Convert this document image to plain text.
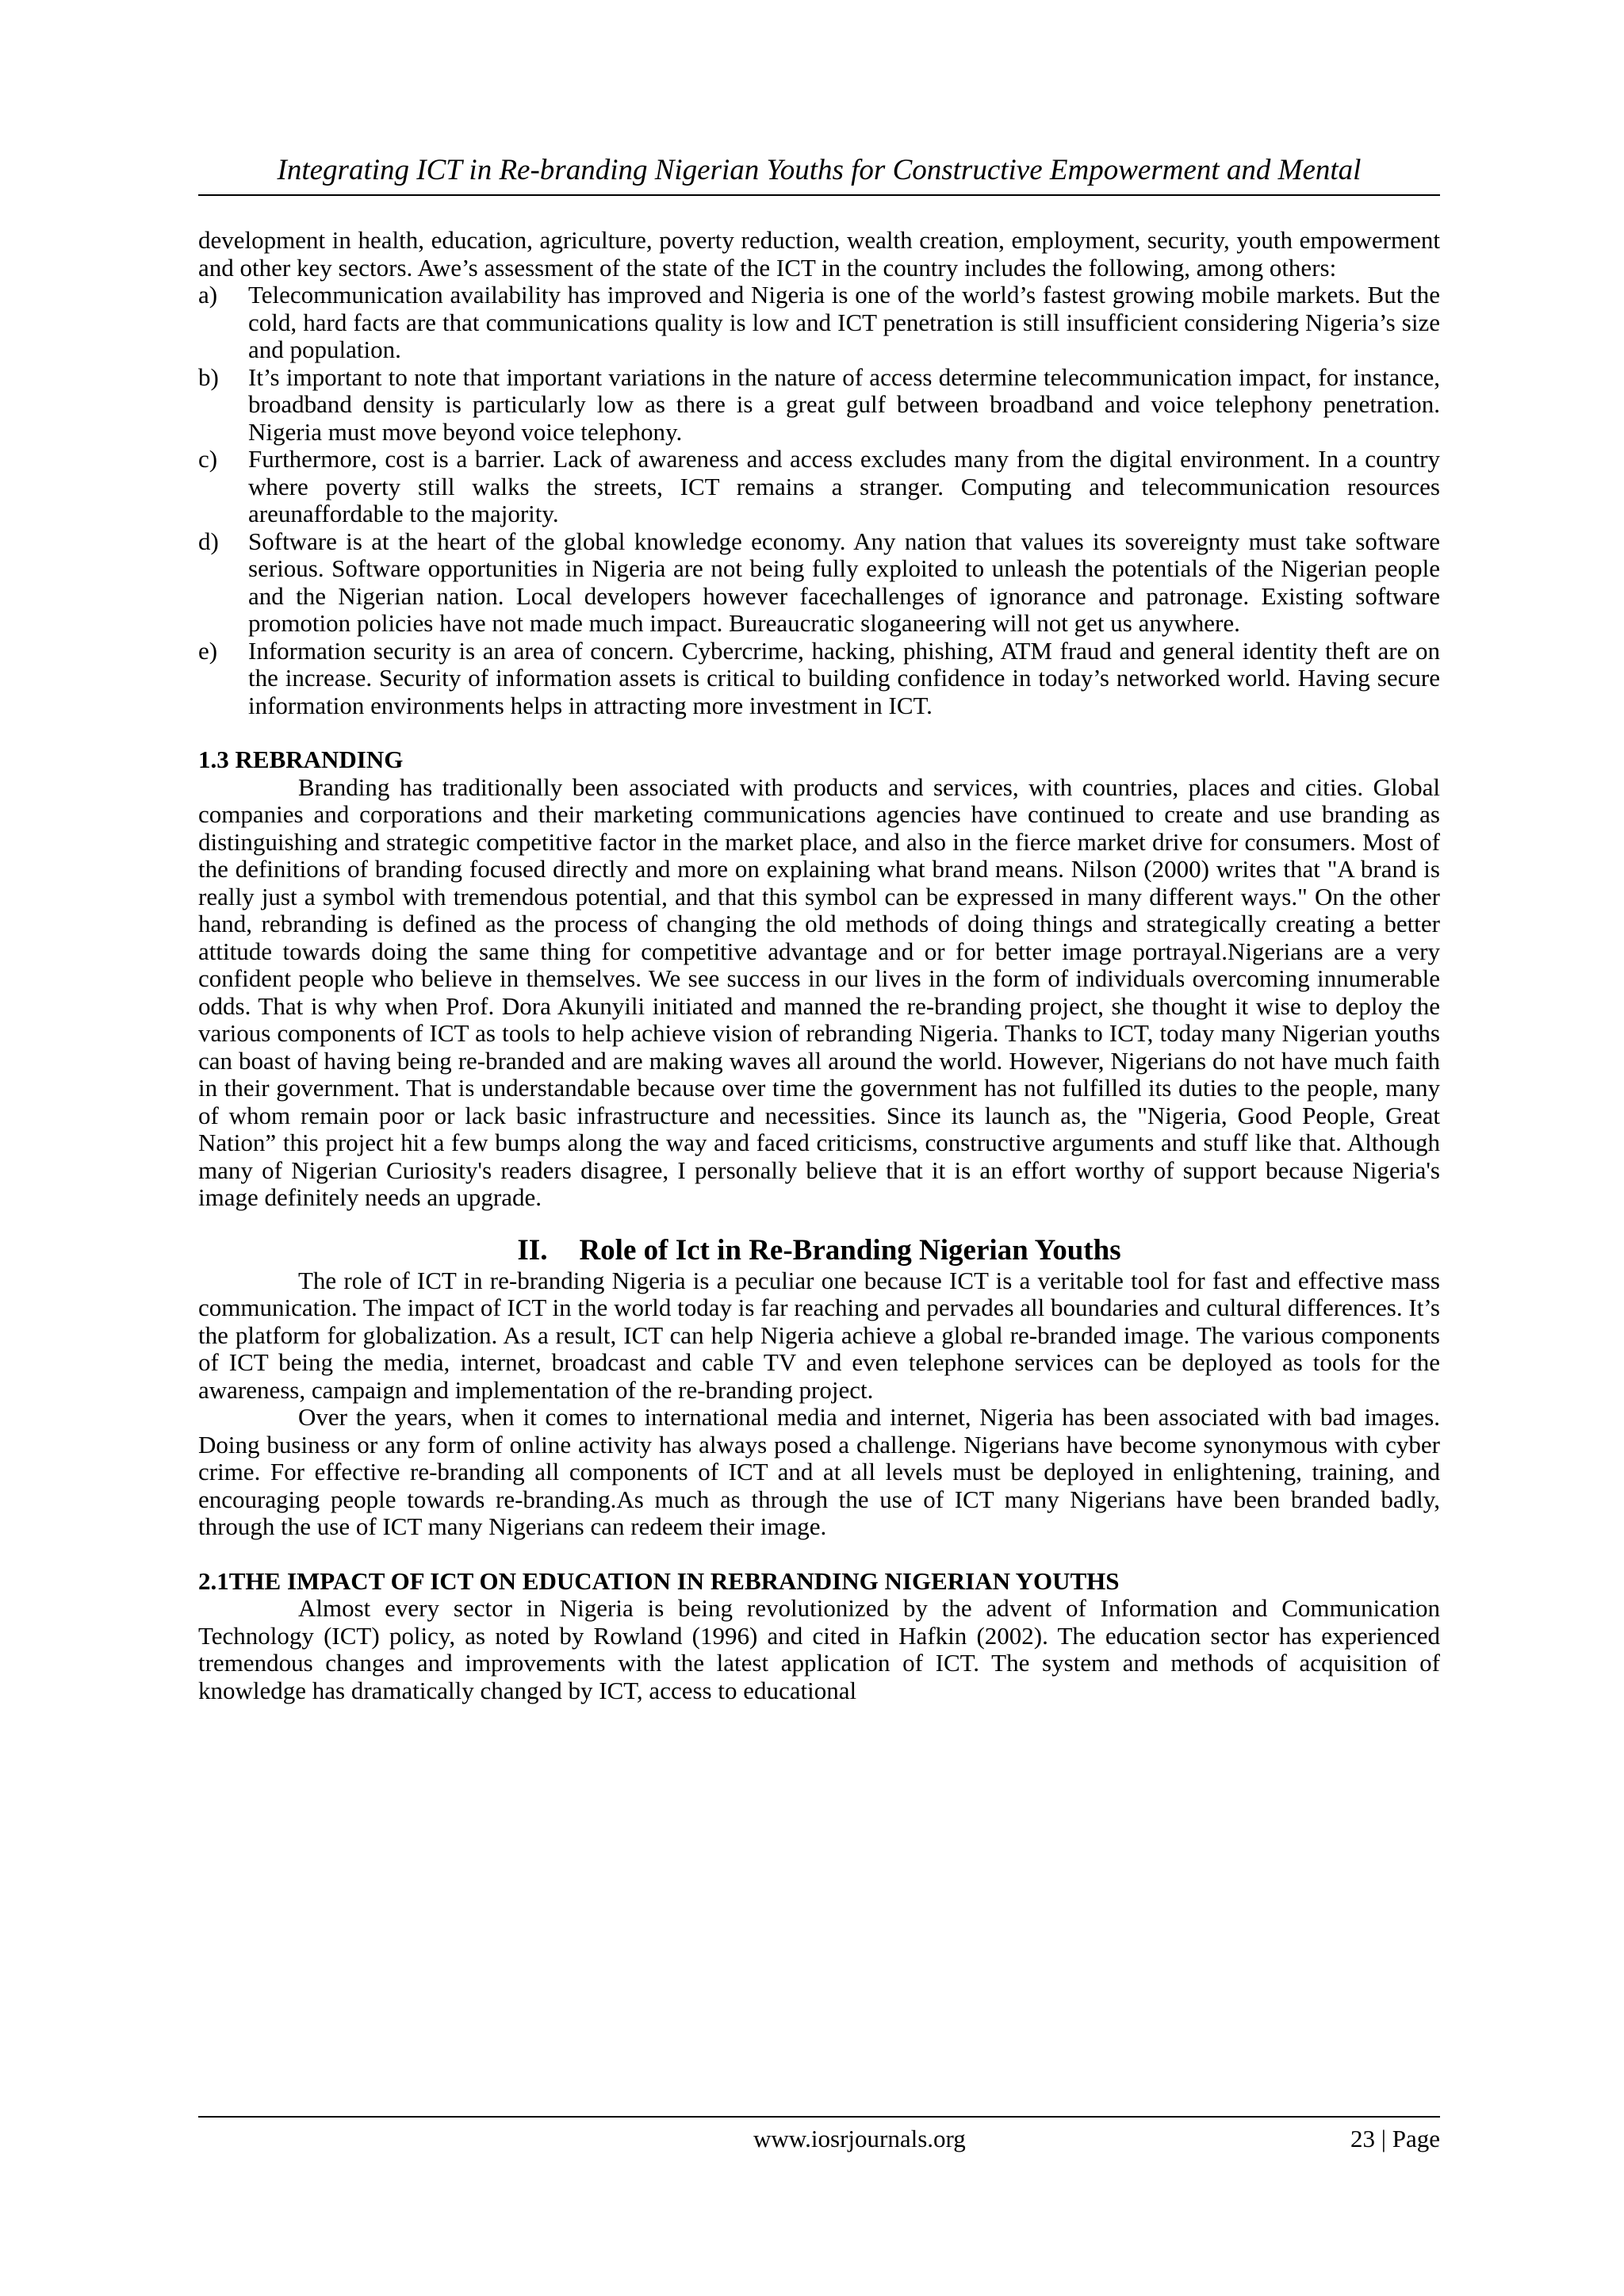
Integrating ICT in Re-branding Nigerian Youths for Constructive Empowerment and Mental

development in health, education, agriculture, poverty reduction, wealth creation, employment, security, youth empowerment and other key sectors. Awe’s assessment of the state of the ICT in the country includes the following, among others:

a) Telecommunication availability has improved and Nigeria is one of the world’s fastest growing mobile markets. But the cold, hard facts are that communications quality is low and ICT penetration is still insufficient considering Nigeria’s size and population.
b) It’s important to note that important variations in the nature of access determine telecommunication impact, for instance, broadband density is particularly low as there is a great gulf between broadband and voice telephony penetration. Nigeria must move beyond voice telephony.
c) Furthermore, cost is a barrier. Lack of awareness and access excludes many from the digital environment. In a country where poverty still walks the streets, ICT remains a stranger. Computing and telecommunication resources areunaffordable to the majority.
d) Software is at the heart of the global knowledge economy. Any nation that values its sovereignty must take software serious. Software opportunities in Nigeria are not being fully exploited to unleash the potentials of the Nigerian people and the Nigerian nation. Local developers however facechallenges of ignorance and patronage. Existing software promotion policies have not made much impact. Bureaucratic sloganeering will not get us anywhere.
e) Information security is an area of concern. Cybercrime, hacking, phishing, ATM fraud and general identity theft are on the increase. Security of information assets is critical to building confidence in today’s networked world. Having secure information environments helps in attracting more investment in ICT.
1.3 REBRANDING

Branding has traditionally been associated with products and services, with countries, places and cities. Global companies and corporations and their marketing communications agencies have continued to create and use branding as distinguishing and strategic competitive factor in the market place, and also in the fierce market drive for consumers. Most of the definitions of branding focused directly and more on explaining what brand means. Nilson (2000) writes that "A brand is really just a symbol with tremendous potential, and that this symbol can be expressed in many different ways." On the other hand, rebranding is defined as the process of changing the old methods of doing things and strategically creating a better attitude towards doing the same thing for competitive advantage and or for better image portrayal.Nigerians are a very confident people who believe in themselves. We see success in our lives in the form of individuals overcoming innumerable odds. That is why when Prof. Dora Akunyili initiated and manned the re-branding project, she thought it wise to deploy the various components of ICT as tools to help achieve vision of rebranding Nigeria. Thanks to ICT, today many Nigerian youths can boast of having being re-branded and are making waves all around the world. However, Nigerians do not have much faith in their government. That is understandable because over time the government has not fulfilled its duties to the people, many of whom remain poor or lack basic infrastructure and necessities. Since its launch as, the "Nigeria, Good People, Great Nation” this project hit a few bumps along the way and faced criticisms, constructive arguments and stuff like that. Although many of Nigerian Curiosity's readers disagree, I personally believe that it is an effort worthy of support because Nigeria's image definitely needs an upgrade.

II. Role of Ict in Re-Branding Nigerian Youths

The role of ICT in re-branding Nigeria is a peculiar one because ICT is a veritable tool for fast and effective mass communication. The impact of ICT in the world today is far reaching and pervades all boundaries and cultural differences. It’s the platform for globalization. As a result, ICT can help Nigeria achieve a global re-branded image. The various components of ICT being the media, internet, broadcast and cable TV and even telephone services can be deployed as tools for the awareness, campaign and implementation of the re-branding project.

Over the years, when it comes to international media and internet, Nigeria has been associated with bad images. Doing business or any form of online activity has always posed a challenge. Nigerians have become synonymous with cyber crime. For effective re-branding all components of ICT and at all levels must be deployed in enlightening, training, and encouraging people towards re-branding.As much as through the use of ICT many Nigerians have been branded badly, through the use of ICT many Nigerians can redeem their image.

2.1THE IMPACT OF ICT ON EDUCATION IN REBRANDING NIGERIAN YOUTHS

Almost every sector in Nigeria is being revolutionized by the advent of Information and Communication Technology (ICT) policy, as noted by Rowland (1996) and cited in Hafkin (2002). The education sector has experienced tremendous changes and improvements with the latest application of ICT. The system and methods of acquisition of knowledge has dramatically changed by ICT, access to educational

www.iosrjournals.org	23 | Page
